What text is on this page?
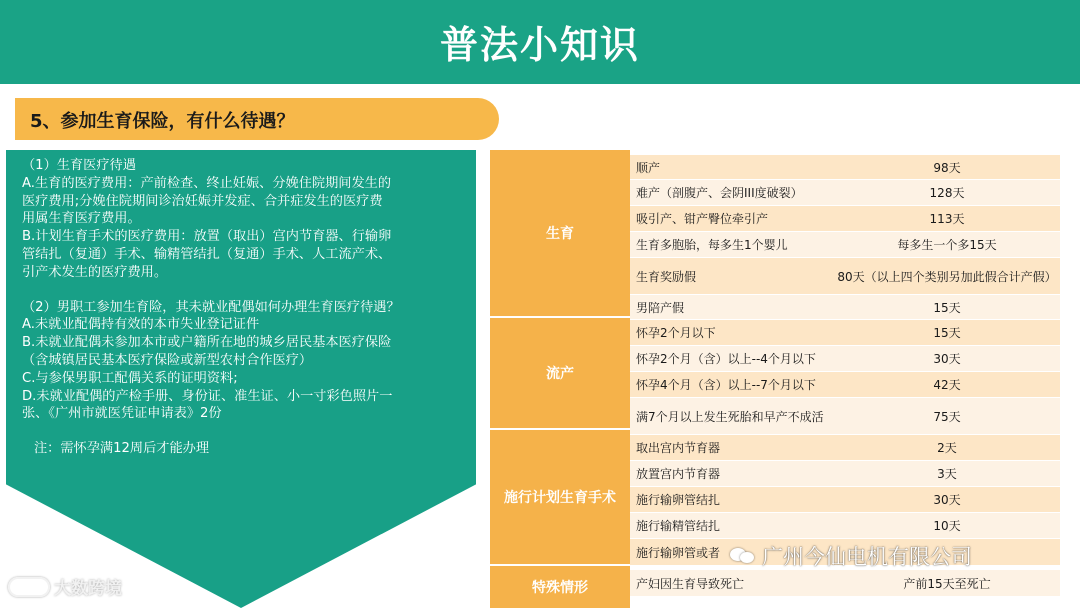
普法小知识
5、参加生育保险，有什么待遇？

（1）生育医疗待遇

A.生育的医疗费用：产前检查、终止妊娠、分娩住院期间发生的

医疗费用;分娩住院期间诊治妊娠并发症、合并症发生的医疗费

用属生育医疗费用。

B.计划生育手术的医疗费用：放置（取出）宫内节育器、行输卵

管结扎（复通）手术、输精管结扎（复通）手术、人工流产术、

引产术发生的医疗费用。

（2）男职工参加生育险，其未就业配偶如何办理生育医疗待遇？

A.未就业配偶持有效的本市失业登记证件

B.未就业配偶未参加本市或户籍所在地的城乡居民基本医疗保险

（含城镇居民基本医疗保险或新型农村合作医疗）

C.与参保男职工配偶关系的证明资料;

D.未就业配偶的产检手册、身份证、准生证、小一寸彩色照片一

张、《广州市就医凭证申请表》2份

注：需怀孕满12周后才能办理

生育
流产
施行计划生育手术
特殊情形
顺产	98天
难产（剖腹产、会阴III度破裂）	128天
吸引产、钳产臀位牵引产	113天
生育多胞胎，每多生1个婴儿	每多生一个多15天
生育奖励假	80天（以上四个类别另加此假合计产假）
男陪产假	15天
怀孕2个月以下	15天
怀孕2个月（含）以上--4个月以下	30天
怀孕4个月（含）以上--7个月以下	42天
满7个月以上发生死胎和早产不成活	75天
取出宫内节育器	2天
放置宫内节育器	3天
施行输卵管结扎	30天
施行输精管结扎	10天
施行输卵管或者
产妇因生育导致死亡	产前15天至死亡
大数跨境
广州今仙电机有限公司
